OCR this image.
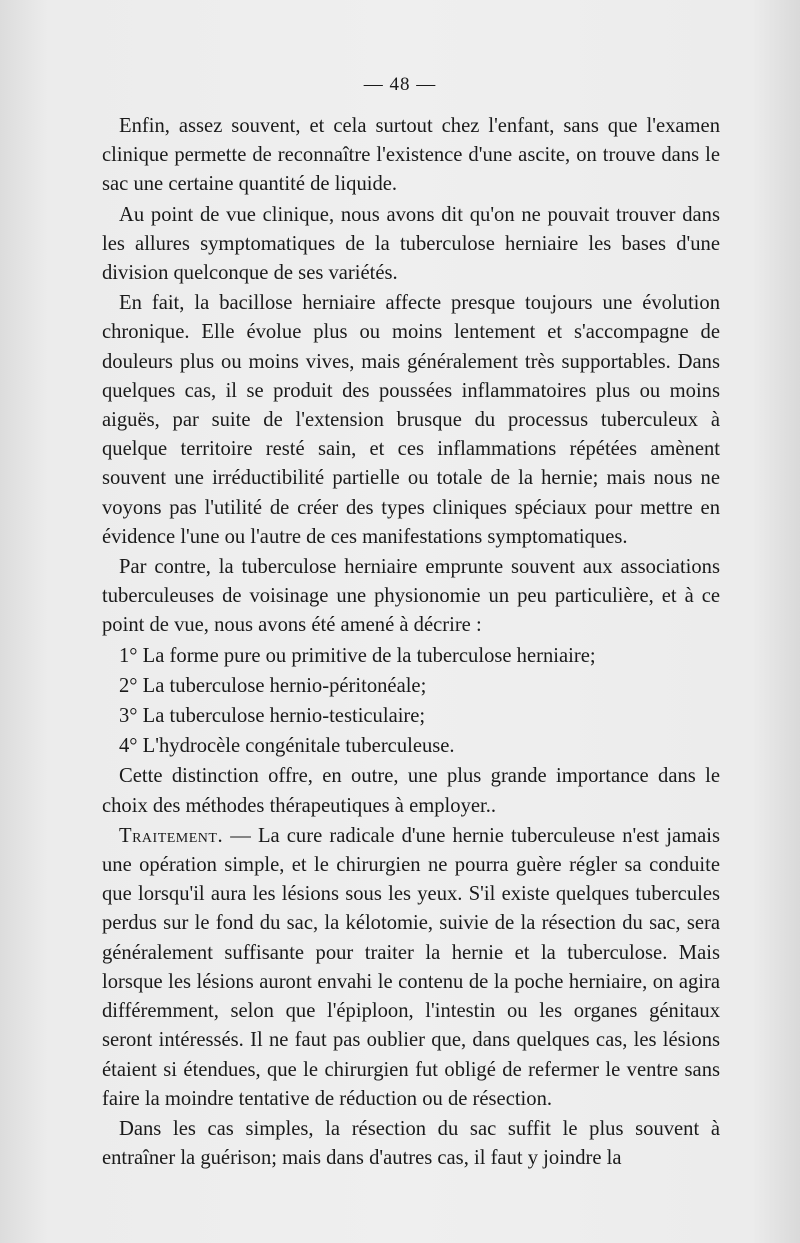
— 48 —

Enfin, assez souvent, et cela surtout chez l'enfant, sans que l'examen clinique permette de reconnaître l'existence d'une ascite, on trouve dans le sac une certaine quantité de liquide.

Au point de vue clinique, nous avons dit qu'on ne pouvait trouver dans les allures symptomatiques de la tuberculose herniaire les bases d'une division quelconque de ses variétés.

En fait, la bacillose herniaire affecte presque toujours une évolution chronique. Elle évolue plus ou moins lentement et s'accompagne de douleurs plus ou moins vives, mais généralement très supportables. Dans quelques cas, il se produit des poussées inflammatoires plus ou moins aiguës, par suite de l'extension brusque du processus tuberculeux à quelque territoire resté sain, et ces inflammations répétées amènent souvent une irréductibilité partielle ou totale de la hernie; mais nous ne voyons pas l'utilité de créer des types cliniques spéciaux pour mettre en évidence l'une ou l'autre de ces manifestations symptomatiques.

Par contre, la tuberculose herniaire emprunte souvent aux associations tuberculeuses de voisinage une physionomie un peu particulière, et à ce point de vue, nous avons été amené à décrire :

1° La forme pure ou primitive de la tuberculose herniaire;

2° La tuberculose hernio-péritonéale;

3° La tuberculose hernio-testiculaire;

4° L'hydrocèle congénitale tuberculeuse.

Cette distinction offre, en outre, une plus grande importance dans le choix des méthodes thérapeutiques à employer..

Traitement. — La cure radicale d'une hernie tuberculeuse n'est jamais une opération simple, et le chirurgien ne pourra guère régler sa conduite que lorsqu'il aura les lésions sous les yeux. S'il existe quelques tubercules perdus sur le fond du sac, la kélotomie, suivie de la résection du sac, sera généralement suffisante pour traiter la hernie et la tuberculose. Mais lorsque les lésions auront envahi le contenu de la poche herniaire, on agira différemment, selon que l'épiploon, l'intestin ou les organes génitaux seront intéressés. Il ne faut pas oublier que, dans quelques cas, les lésions étaient si étendues, que le chirurgien fut obligé de refermer le ventre sans faire la moindre tentative de réduction ou de résection.

Dans les cas simples, la résection du sac suffit le plus souvent à entraîner la guérison; mais dans d'autres cas, il faut y joindre la
